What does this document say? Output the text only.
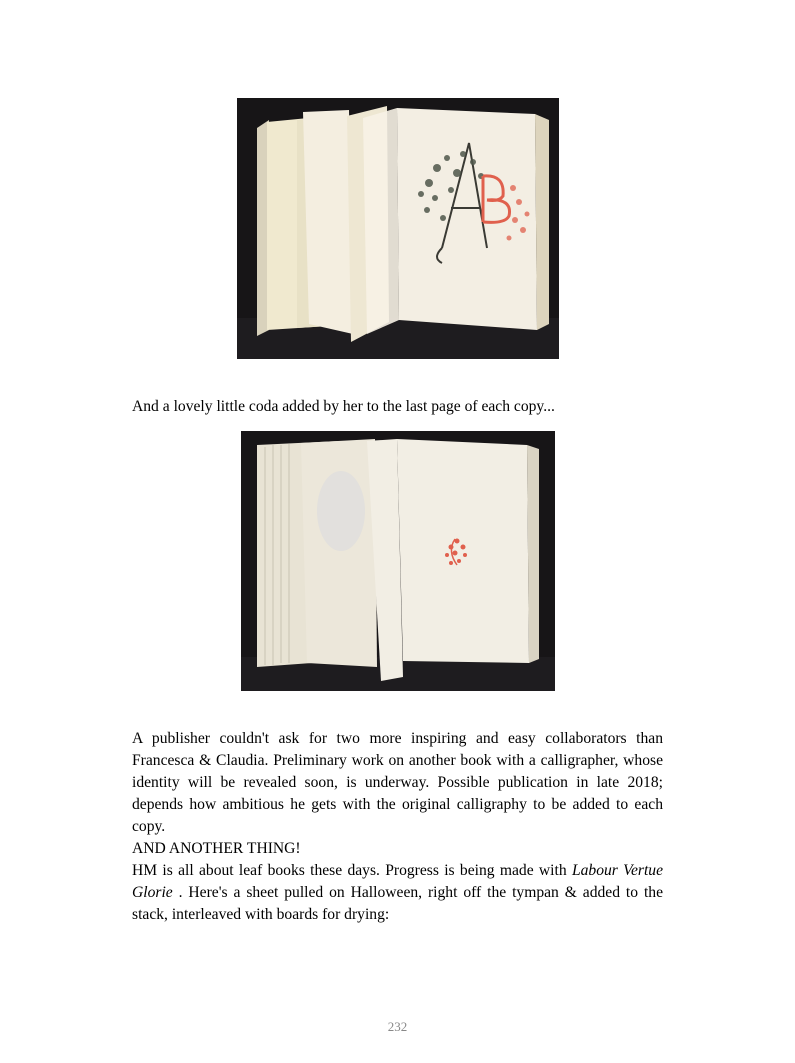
And a lovely little coda added by her to the last page of each copy...

A publisher couldn't ask for two more inspiring and easy collaborators than Francesca & Claudia. Preliminary work on another book with a calligrapher, whose identity will be revealed soon, is underway. Possible publication in late 2018; depends how ambitious he gets with the original calligraphy to be added to each copy.

AND ANOTHER THING!

HM is all about leaf books these days. Progress is being made with Labour Vertue Glorie . Here's a sheet pulled on Halloween, right off the tympan & added to the stack, interleaved with boards for drying:

232
